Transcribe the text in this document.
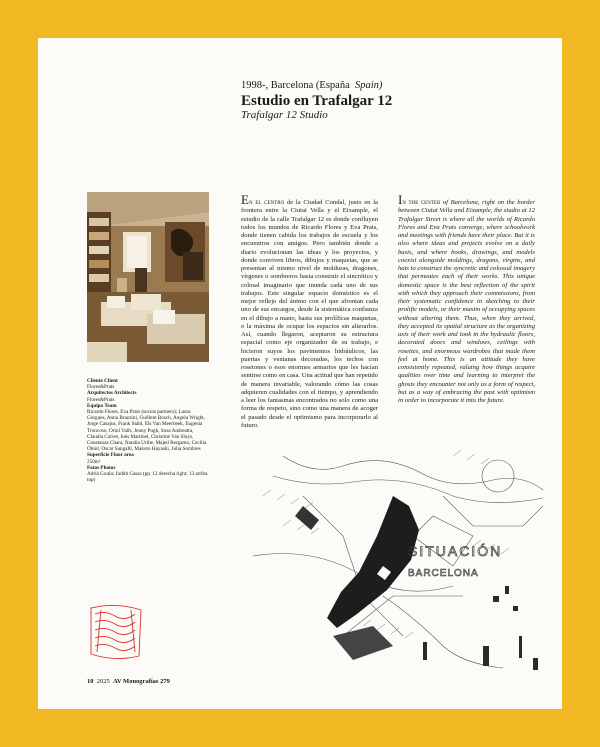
1998-, Barcelona (España Spain)
Estudio en Trafalgar 12
Trafalgar 12 Studio
Cliente Client
Flores&Prats
Arquitectos Architects
Flores&Prats
Equipo Team
Ricardo Flores, Eva Prats (socios partners); Laura Gorgues, Anna Brazzini, Guillem Bosch, Angela Wright, Jorge Casajus, Frank Stahl, Els Van Meerbeek, Eugenia Troncoso, Oriol Valls, Jenny Pugh, Sosa Andreatta, Claudia Calvet, Inés Martinel, Christine Van Sluys, Constanza Chara, Natalia Uribe, Majed Bergamo, Cecilia Obiol, Oscar Sangalli, Makoto Hayashi, Julia Sombres
Superficie Floor area
250m²
Fotos Photos
Adrià Goula; Judith Casas (pp. 12 derecha right; 13 arriba top)
En el centro de la Ciudad Condal, justo en la frontera entre la Ciutat Vella y el Eixample, el estudio de la calle Trafalgar 12 es donde confluyen todos los mundos de Ricardo Flores y Eva Prats, donde tienen cabida los trabajos de escuela y los encuentros con amigos. Pero también donde a diario evolucionan las ideas y los proyectos, y donde conviven libros, dibujos y maquetas, que se presentan al mismo nivel de molduras, dragones, vírgenes o sombreros hasta construir el sincrético y colosal imaginario que inunda cada uno de sus trabajos. Este singular espacio doméstico es el mejor reflejo del ánimo con el que afrontan cada uno de sus encargos, desde la sistemática confianza en el dibujo a mano, hasta sus prolíficas maquetas, o la máxima de ocupar los espacios sin alterarlos. Así, cuando llegaron, aceptaron su estructura espacial como eje organizador de su trabajo, e hicieron suyos los pavimentos hidráulicos, las puertas y ventanas decoradas, los techos con rosetones o esos enormes armarios que les hacían sentirse como en casa. Una actitud que han repetido de manera invariable, valorando cómo las cosas adquieren cualidades con el tiempo, y aprendiendo a leer los fantasmas encontrados no solo como una forma de respeto, sino como una manera de acoger el pasado desde el optimismo para incorporarlo al futuro.
In the center of Barcelona, right on the border between Ciutat Vella and Eixample, the studio at 12 Trafalgar Street is where all the worlds of Ricardo Flores and Eva Prats converge, where schoolwork and meetings with friends have their place. But it is also where ideas and projects evolve on a daily basis, and where books, drawings, and models coexist alongside moldings, dragons, virgins, and hats to construct the syncretic and colossal imagery that permeates each of their works. This unique domestic space is the best reflection of the spirit with which they approach their commissions, from their systematic confidence in sketching to their prolific models, or their maxim of occupying spaces without altering them. Thus, when they arrived, they accepted its spatial structure as the organizing axis of their work and took in the hydraulic floors, decorated doors and windows, ceilings with rosettes, and enormous wardrobes that made them feel at home. This is an attitude they have consistently repeated, valuing how things acquire qualities over time and learning to interpret the ghosts they encounter not only as a form of respect, but as a way of embracing the past with optimism in order to incorporate it into the future.
SITUACIÓN
BARCELONA
10 2025 AV Monografías 279
